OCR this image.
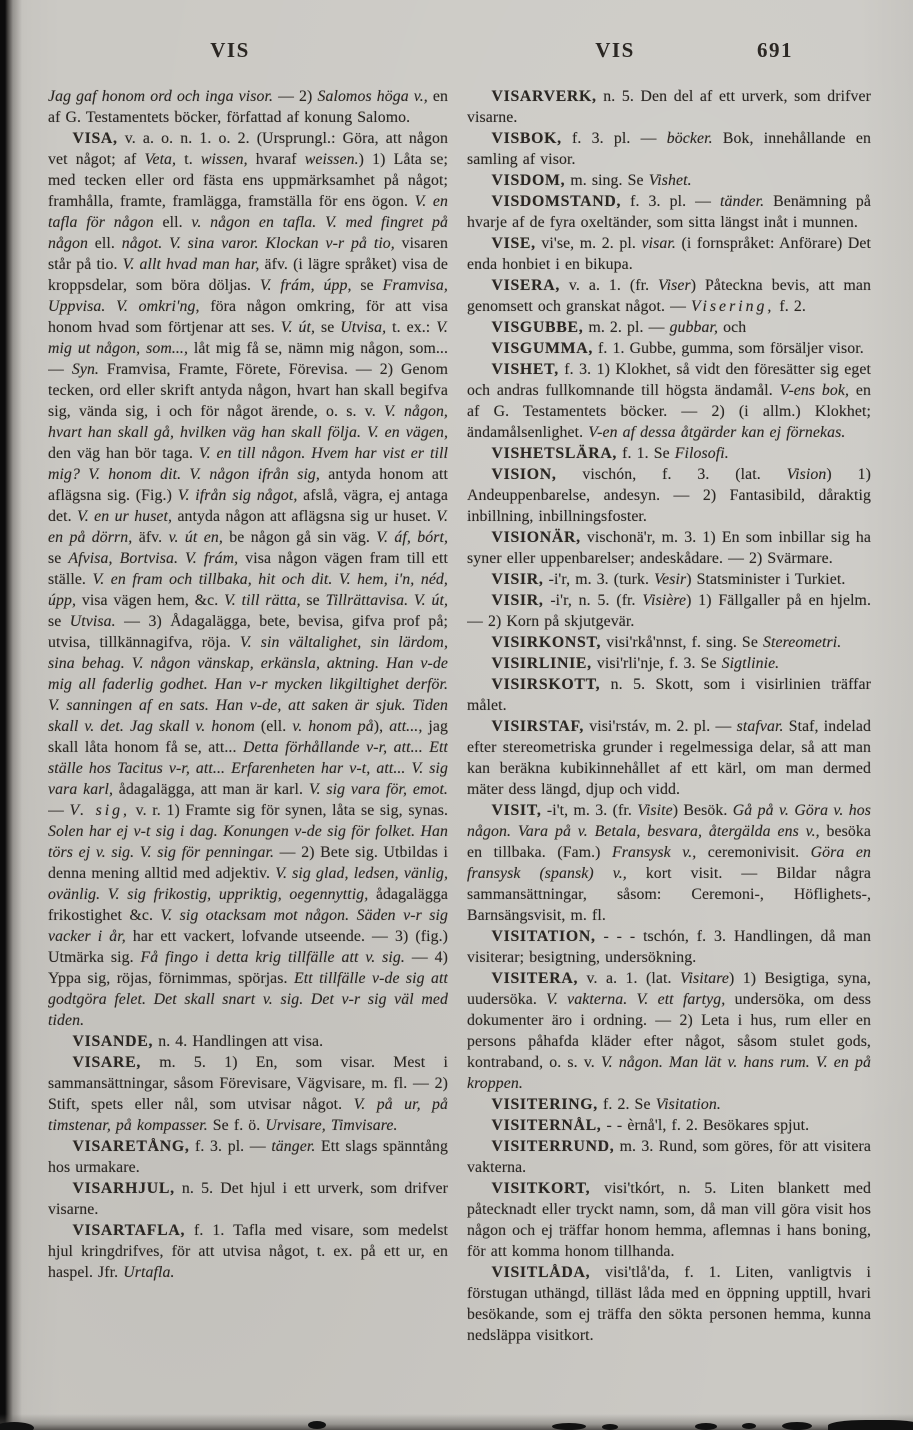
VIS	VIS	691

Jag gaf honom ord och inga visor. — 2) Salomos höga v., en af G. Testamentets böcker, författad af konung Salomo.

VISA, v. a. o. n. 1. o. 2. (Ursprungl.: Göra, att någon vet något; af Veta, t. wissen, hvaraf weissen.) 1) Låta se; med tecken eller ord fästa ens uppmärksamhet på något; framhålla, framte, framlägga, framställa för ens ögon. V. en tafla för någon ell. v. någon en tafla. V. med fingret på någon ell. något. V. sina varor. Klockan v-r på tio, visaren står på tio. V. allt hvad man har, äfv. (i lägre språket) visa de kroppsdelar, som böra döljas. V. frám, úpp, se Framvisa, Uppvisa. V. omkri'ng, föra någon omkring, för att visa honom hvad som förtjenar att ses. V. út, se Utvisa, t. ex.: V. mig ut någon, som..., låt mig få se, nämn mig någon, som... — Syn. Framvisa, Framte, Förete, Förevisa. — 2) Genom tecken, ord eller skrift antyda någon, hvart han skall begifva sig, vända sig, i och för något ärende, o. s. v. V. någon, hvart han skall gå, hvilken väg han skall följa. V. en vägen, den väg han bör taga. V. en till någon. Hvem har vist er till mig? V. honom dit. V. någon ifrån sig, antyda honom att aflägsna sig. (Fig.) V. ifrån sig något, afslå, vägra, ej antaga det. V. en ur huset, antyda någon att aflägsna sig ur huset. V. en på dörrn, äfv. v. út en, be någon gå sin väg. V. áf, bórt, se Afvisa, Bortvisa. V. frám, visa någon vägen fram till ett ställe. V. en fram och tillbaka, hit och dit. V. hem, i'n, néd, úpp, visa vägen hem, &c. V. till rätta, se Tillrättavisa. V. út, se Utvisa. — 3) Ådagalägga, bete, bevisa, gifva prof på; utvisa, tillkännagifva, röja. V. sin vältalighet, sin lärdom, sina behag. V. någon vänskap, erkänsla, aktning. Han v-de mig all faderlig godhet. Han v-r mycken likgiltighet derför. V. sanningen af en sats. Han v-de, att saken är sjuk. Tiden skall v. det. Jag skall v. honom (ell. v. honom på), att..., jag skall låta honom få se, att... Detta förhållande v-r, att... Ett ställe hos Tacitus v-r, att... Erfarenheten har v-t, att... V. sig vara karl, ådagalägga, att man är karl. V. sig vara för, emot. — V. sig, v. r. 1) Framte sig för synen, låta se sig, synas. Solen har ej v-t sig i dag. Konungen v-de sig för folket. Han törs ej v. sig. V. sig för penningar. — 2) Bete sig. Utbildas i denna mening alltid med adjektiv. V. sig glad, ledsen, vänlig, ovänlig. V. sig frikostig, uppriktig, oegennyttig, ådagalägga frikostighet &c. V. sig otacksam mot någon. Säden v-r sig vacker i år, har ett vackert, lofvande utseende. — 3) (fig.) Utmärka sig. Få fingo i detta krig tillfälle att v. sig. — 4) Yppa sig, röjas, förnimmas, spörjas. Ett tillfälle v-de sig att godtgöra felet. Det skall snart v. sig. Det v-r sig väl med tiden.

VISANDE, n. 4. Handlingen att visa.

VISARE, m. 5. 1) En, som visar. Mest i sammansättningar, såsom Förevisare, Vägvisare, m. fl. — 2) Stift, spets eller nål, som utvisar något. V. på ur, på timstenar, på kompasser. Se f. ö. Urvisare, Timvisare.

VISARETÅNG, f. 3. pl. — tänger. Ett slags spänntång hos urmakare.

VISARHJUL, n. 5. Det hjul i ett urverk, som drifver visarne.

VISARTAFLA, f. 1. Tafla med visare, som medelst hjul kringdrifves, för att utvisa något, t. ex. på ett ur, en haspel. Jfr. Urtafla.

VISARVERK, n. 5. Den del af ett urverk, som drifver visarne.

VISBOK, f. 3. pl. — böcker. Bok, innehållande en samling af visor.

VISDOM, m. sing. Se Vishet.

VISDOMSTAND, f. 3. pl. — tänder. Benämning på hvarje af de fyra oxeltänder, som sitta längst inåt i munnen.

VISE, vi'se, m. 2. pl. visar. (i fornspråket: Anförare) Det enda honbiet i en bikupa.

VISERA, v. a. 1. (fr. Viser) Påteckna bevis, att man genomsett och granskat något. — Visering, f. 2.

VISGUBBE, m. 2. pl. — gubbar, och

VISGUMMA, f. 1. Gubbe, gumma, som försäljer visor.

VISHET, f. 3. 1) Klokhet, så vidt den föresätter sig eget och andras fullkomnande till högsta ändamål. V-ens bok, en af G. Testamentets böcker. — 2) (i allm.) Klokhet; ändamålsenlighet. V-en af dessa åtgärder kan ej förnekas.

VISHETSLÄRA, f. 1. Se Filosofi.

VISION, vischón, f. 3. (lat. Vision) 1) Andeuppenbarelse, andesyn. — 2) Fantasibild, dåraktig inbillning, inbillningsfoster.

VISIONÄR, vischonä'r, m. 3. 1) En som inbillar sig ha syner eller uppenbarelser; andeskådare. — 2) Svärmare.

VISIR, -i'r, m. 3. (turk. Vesir) Statsminister i Turkiet.

VISIR, -i'r, n. 5. (fr. Visière) 1) Fällgaller på en hjelm. — 2) Korn på skjutgevär.

VISIRKONST, visi'rkå'nnst, f. sing. Se Stereometri.

VISIRLINIE, visi'rli'nje, f. 3. Se Sigtlinie.

VISIRSKOTT, n. 5. Skott, som i visirlinien träffar målet.

VISIRSTAF, visi'rstáv, m. 2. pl. — stafvar. Staf, indelad efter stereometriska grunder i regelmessiga delar, så att man kan beräkna kubikinnehållet af ett kärl, om man dermed mäter dess längd, djup och vidd.

VISIT, -i't, m. 3. (fr. Visite) Besök. Gå på v. Göra v. hos någon. Vara på v. Betala, besvara, återgälda ens v., besöka en tillbaka. (Fam.) Fransysk v., ceremonivisit. Göra en fransysk (spansk) v., kort visit. — Bildar några sammansättningar, såsom: Ceremoni-, Höflighets-, Barnsängsvisit, m. fl.

VISITATION, - - - tschón, f. 3. Handlingen, då man visiterar; besigtning, undersökning.

VISITERA, v. a. 1. (lat. Visitare) 1) Besigtiga, syna, uudersöka. V. vakterna. V. ett fartyg, undersöka, om dess dokumenter äro i ordning. — 2) Leta i hus, rum eller en persons påhafda kläder efter något, såsom stulet gods, kontraband, o. s. v. V. någon. Man lät v. hans rum. V. en på kroppen.

VISITERING, f. 2. Se Visitation.

VISITERNÅL, - - èrnå'l, f. 2. Besökares spjut.

VISITERRUND, m. 3. Rund, som göres, för att visitera vakterna.

VISITKORT, visi'tkórt, n. 5. Liten blankett med påtecknadt eller tryckt namn, som, då man vill göra visit hos någon och ej träffar honom hemma, aflemnas i hans boning, för att komma honom tillhanda.

VISITLÅDA, visi'tlå'da, f. 1. Liten, vanligtvis i förstugan uthängd, tilläst låda med en öppning upptill, hvari besökande, som ej träffa den sökta personen hemma, kunna nedsläppa visitkort.
